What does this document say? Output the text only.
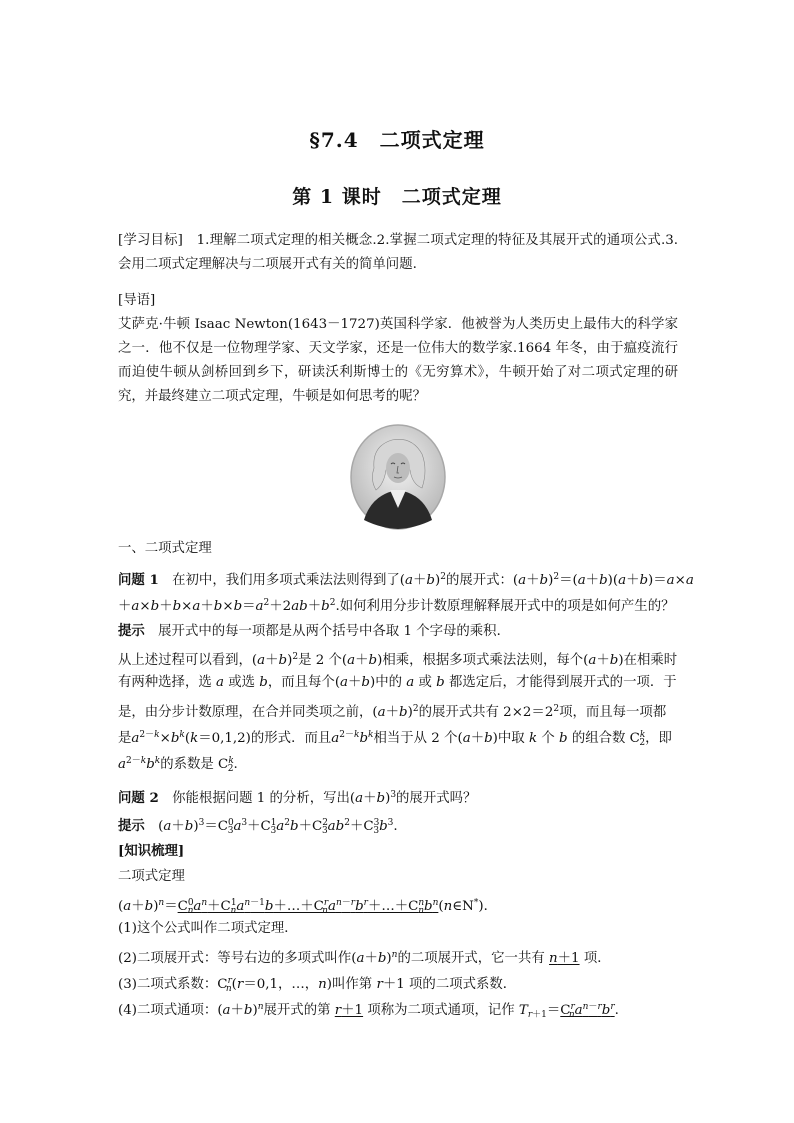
§7.4　二项式定理
第 1 课时　二项式定理
[学习目标]　1.理解二项式定理的相关概念.2.掌握二项式定理的特征及其展开式的通项公式.3.会用二项式定理解决与二项展开式有关的简单问题.
[导语]
艾萨克·牛顿 Isaac Newton(1643－1727)英国科学家．他被誉为人类历史上最伟大的科学家之一．他不仅是一位物理学家、天文学家，还是一位伟大的数学家.1664 年冬，由于瘟疫流行而迫使牛顿从剑桥回到乡下，研读沃利斯博士的《无穷算术》，牛顿开始了对二项式定理的研究，并最终建立二项式定理，牛顿是如何思考的呢？
一、二项式定理
问题 1　在初中，我们用多项式乘法法则得到了$(a+b)^2$的展开式：$(a+b)^2=(a+b)(a+b)=a\times a$
$+a\times b+b\times a+b\times b=a^2+2ab+b^2$.如何利用分步计数原理解释展开式中的项是如何产生的？
提示　展开式中的每一项都是从两个括号中各取 1 个字母的乘积．
从上述过程可以看到，$(a+b)^2$是 2 个(a＋b)相乘，根据多项式乘法法则，每个(a＋b)在相乘时
有两种选择，选 a 或选 b，而且每个(a＋b)中的 a 或 b 都选定后，才能得到展开式的一项．于
是，由分步计数原理，在合并同类项之前，$(a+b)^2$的展开式共有 $2\times 2=2^2$项，而且每一项都
是$a^{2-k}\times b^k(k=0,1,2)$的形式．而且$a^{2-k}b^k$相当于从 2 个(a＋b)中取 k 个 b 的组合数 $C^k_2$，即
$a^{2-k}b^k$的系数是 $C^k_2$.
问题 2　你能根据问题 1 的分析，写出$(a+b)^3$的展开式吗？
提示　$(a+b)^3=C^0_3a^3+C^1_3a^2b+C^2_3ab^2+C^3_3b^3$.
[知识梳理]
二项式定理
$(a+b)^n=C^0_na^n+C^1_na^{n-1}b+\dots+C^r_na^{n-r}b^r+\dots+C^n_nb^n(n\in N^*)$．
(1)这个公式叫作二项式定理．
(2)二项展开式：等号右边的多项式叫作$(a+b)^n$的二项展开式，它一共有 n＋1 项．
(3)二项式系数：$C^r_n(r=0,1$，…，n)叫作第 r＋1 项的二项式系数．
(4)二项式通项：$(a+b)^n$展开式的第 r＋1 项称为二项式通项，记作 $T_{r+1}=C^r_na^{n-r}b^r$.
